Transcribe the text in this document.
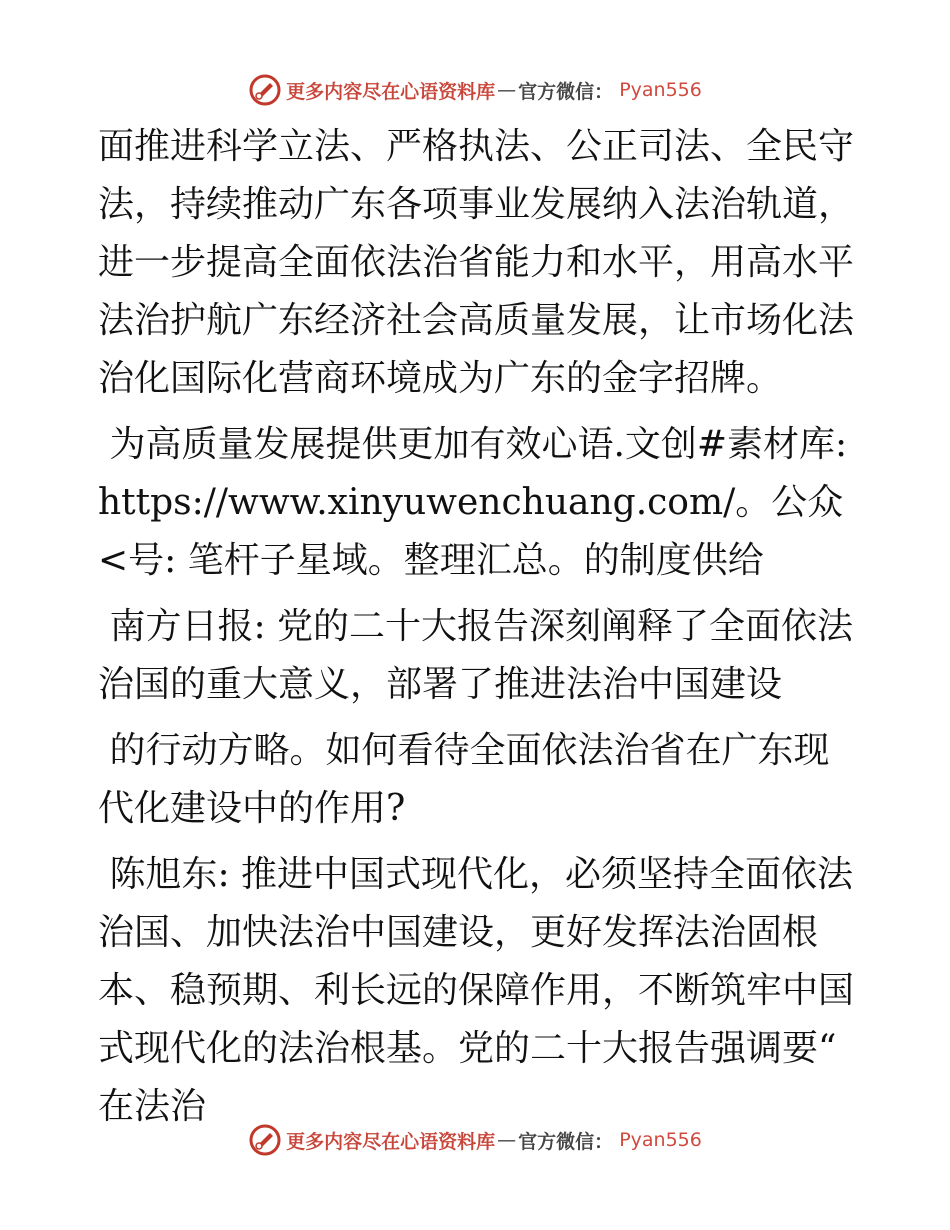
更多内容尽在心语资料库 — 官方微信： Pyan556

面推进科学立法、严格执法、公正司法、全民守法，持续推动广东各项事业发展纳入法治轨道，进一步提高全面依法治省能力和水平，用高水平法治护航广东经济社会高质量发展，让市场化法治化国际化营商环境成为广东的金字招牌。

为高质量发展提供更加有效心语.文创#素材库: https://www.xinyuwenchuang.com/。公众<号: 笔杆子星域。整理汇总。的制度供给

南方日报: 党的二十大报告深刻阐释了全面依法治国的重大意义，部署了推进法治中国建设

的行动方略。如何看待全面依法治省在广东现代化建设中的作用?

陈旭东: 推进中国式现代化，必须坚持全面依法治国、加快法治中国建设，更好发挥法治固根本、稳预期、利长远的保障作用，不断筑牢中国式现代化的法治根基。党的二十大报告强调要“ 在法治

更多内容尽在心语资料库 — 官方微信： Pyan556
